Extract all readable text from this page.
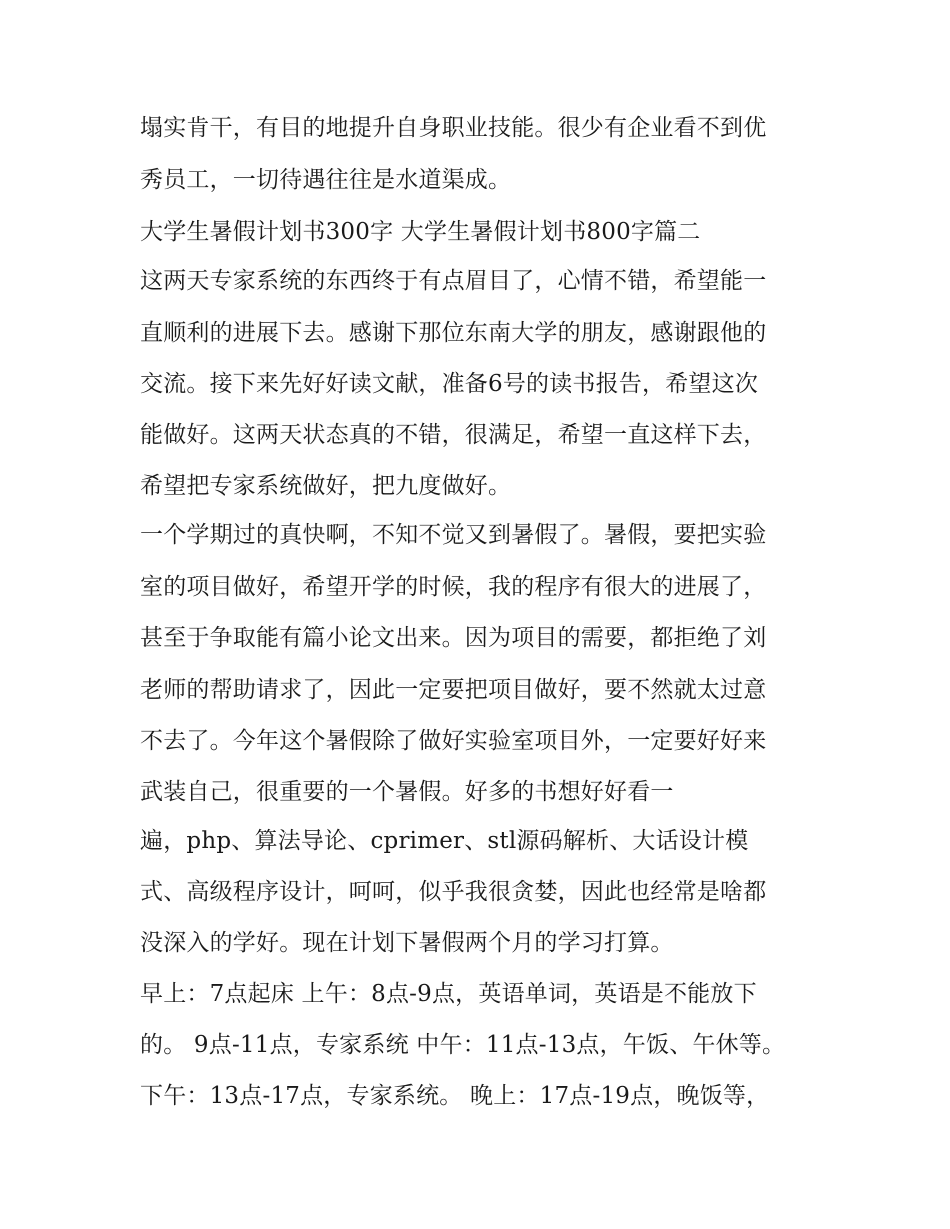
塌实肯干，有目的地提升自身职业技能。很少有企业看不到优
秀员工，一切待遇往往是水道渠成。
大学生暑假计划书300字 大学生暑假计划书800字篇二
这两天专家系统的东西终于有点眉目了，心情不错，希望能一
直顺利的进展下去。感谢下那位东南大学的朋友，感谢跟他的
交流。接下来先好好读文献，准备6号的读书报告，希望这次
能做好。这两天状态真的不错，很满足，希望一直这样下去，
希望把专家系统做好，把九度做好。
一个学期过的真快啊，不知不觉又到暑假了。暑假，要把实验
室的项目做好，希望开学的时候，我的程序有很大的进展了，
甚至于争取能有篇小论文出来。因为项目的需要，都拒绝了刘
老师的帮助请求了，因此一定要把项目做好，要不然就太过意
不去了。今年这个暑假除了做好实验室项目外，一定要好好来
武装自己，很重要的一个暑假。好多的书想好好看一
遍，php、算法导论、cprimer、stl源码解析、大话设计模
式、高级程序设计，呵呵，似乎我很贪婪，因此也经常是啥都
没深入的学好。现在计划下暑假两个月的学习打算。
早上：7点起床 上午：8点-9点，英语单词，英语是不能放下
的。 9点-11点，专家系统 中午：11点-13点，午饭、午休等。
下午：13点-17点，专家系统。 晚上：17点-19点，晚饭等，
